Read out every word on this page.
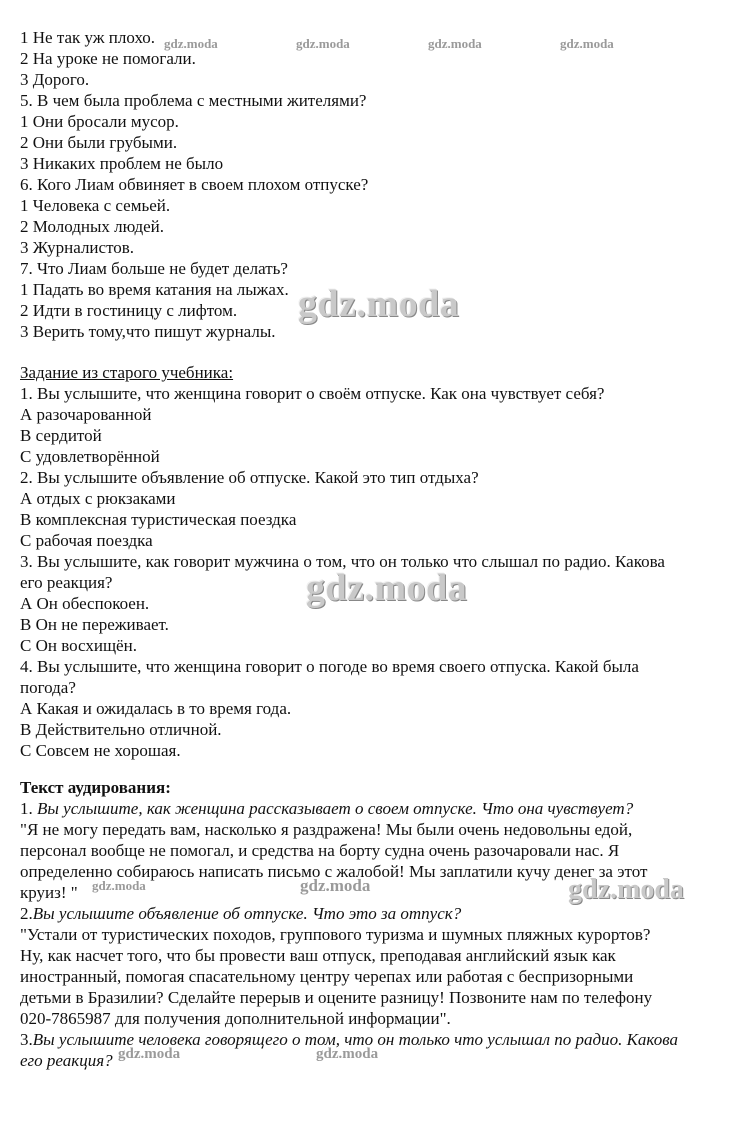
gdz.moda	gdz.moda	gdz.moda	gdz.moda
1 Не так уж плохо.
2 На уроке не помогали.
3 Дорого.
5. В чем была проблема с местными жителями?
1 Они бросали мусор.
2 Они были грубыми.
3 Никаких проблем не было
6. Кого Лиам обвиняет в своем плохом отпуске?
1 Человека с семьей.
2 Молодных людей.
3 Журналистов.
7. Что Лиам больше не будет делать?
1 Падать во время катания на лыжах.
2 Идти в гостиницу с лифтом.
3 Верить тому,что пишут журналы.
gdz.moda
Задание из старого учебника:
1. Вы услышите, что женщина говорит о своём отпуске. Как она чувствует себя?
А разочарованной
В сердитой
С удовлетворённой
2. Вы услышите объявление об отпуске. Какой это тип отдыха?
А отдых с рюкзаками
В комплексная туристическая поездка
С рабочая поездка
3. Вы услышите, как говорит мужчина о том, что он только что слышал по радио. Какова
его реакция?
А Он обеспокоен.
В Он не переживает.
С Он восхищён.
4. Вы услышите, что женщина говорит о погоде во время своего отпуска. Какой была
погода?
А Какая и ожидалась в то время года.
В Действительно отличной.
С Совсем не хорошая.
gdz.moda
Текст аудирования:
1. Вы услышите, как женщина рассказывает о своем отпуске. Что она чувствует?
"Я не могу передать вам, насколько я раздражена! Мы были очень недовольны едой,
персонал вообще не помогал, и средства на борту судна очень разочаровали нас. Я
определенно собираюсь написать письмо с жалобой! Мы заплатили кучу денег за этот
круиз! " gdz.moda	gdz.moda	gdz.moda
2.Вы услышите объявление об отпуске. Что это за отпуск?
"Устали от туристических походов, группового туризма и шумных пляжных курортов?
Ну, как насчет того, что бы провести ваш отпуск, преподавая английский язык как
иностранный, помогая спасательному центру черепах или работая с беспризорными
детьми в Бразилии? Сделайте перерыв и оцените разницу! Позвоните нам по телефону
020-7865987 для получения дополнительной информации".
3.Вы услышите человека говорящего о том, что он только что услышал по радио. Какова
его реакция? gdz.moda	gdz.moda
